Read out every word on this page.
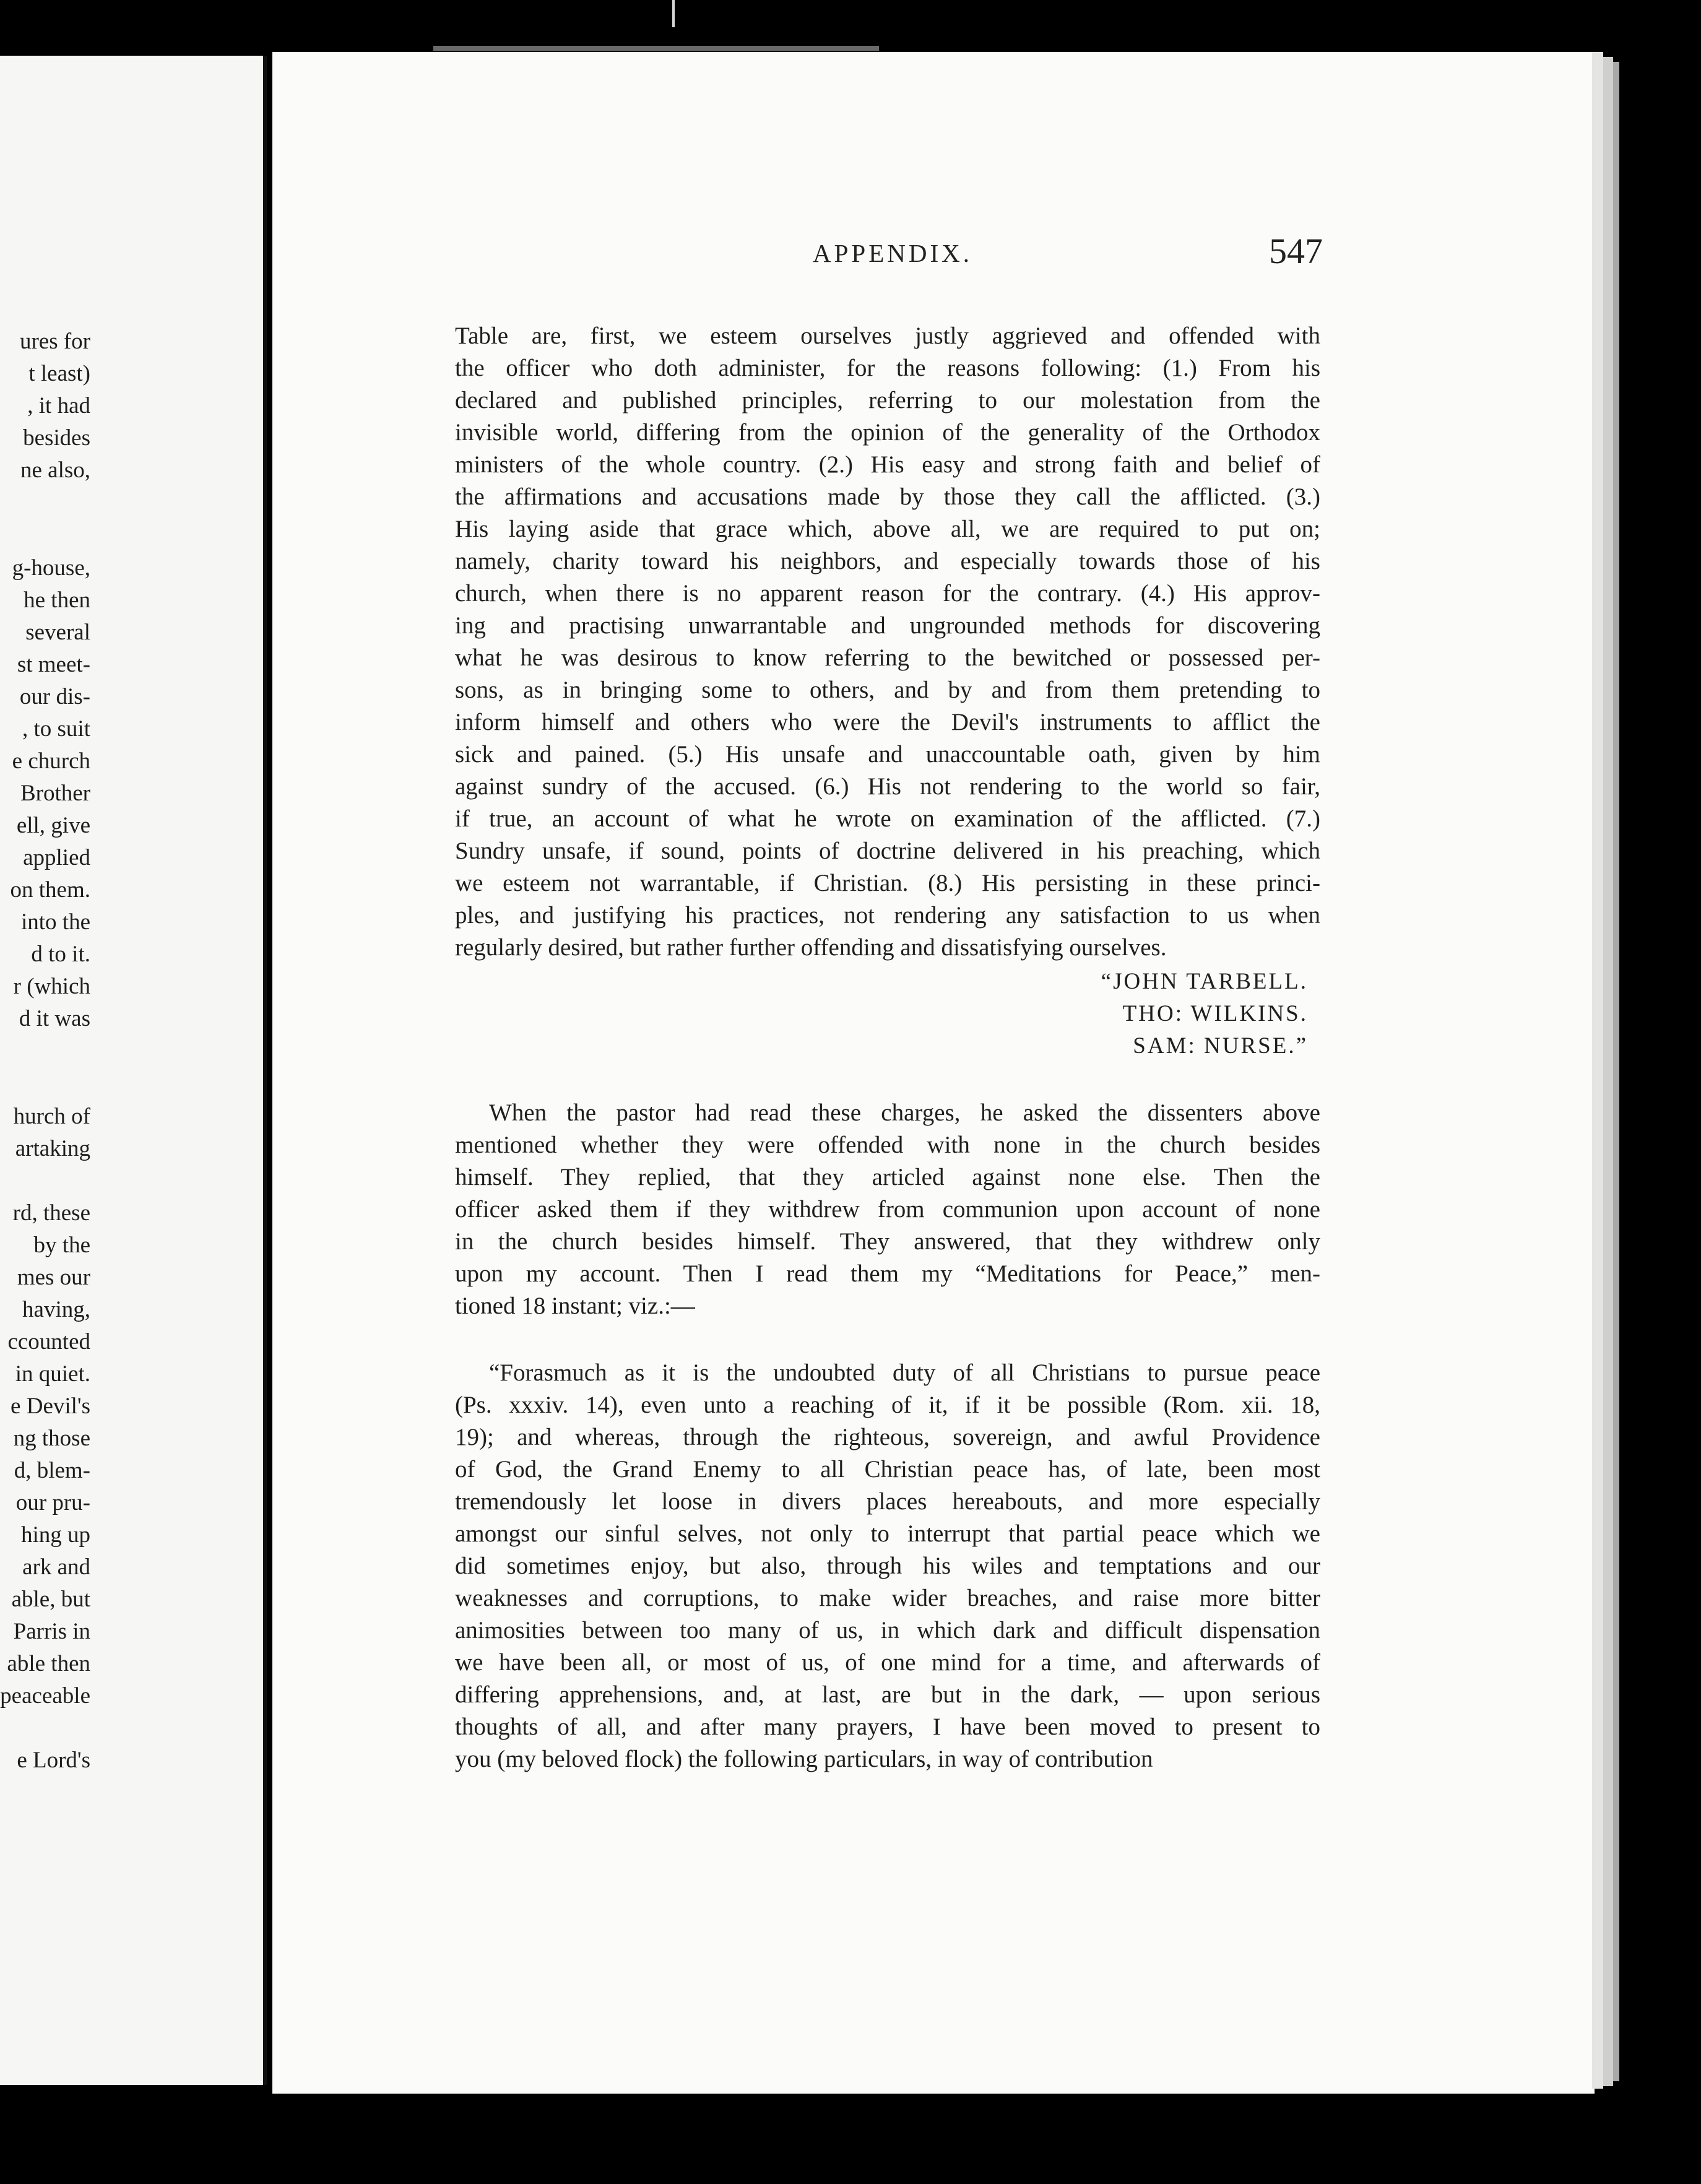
ures for
t least)
, it had
besides
ne also,
g-house,
he then
several
st meet-
our dis-
, to suit
e church
Brother
ell, give
applied
on them.
into the
d to it.
r (which
d it was
hurch of
artaking
rd, these
by the
mes our
having,
ccounted
in quiet.
e Devil's
ng those
d, blem-
our pru-
hing up
ark and
able, but
Parris in
able then
peaceable
e Lord's
APPENDIX.	547
Table are, first, we esteem ourselves justly aggrieved and offended with
the officer who doth administer, for the reasons following: (1.) From his
declared and published principles, referring to our molestation from the
invisible world, differing from the opinion of the generality of the Orthodox
ministers of the whole country. (2.) His easy and strong faith and belief of
the affirmations and accusations made by those they call the afflicted. (3.)
His laying aside that grace which, above all, we are required to put on;
namely, charity toward his neighbors, and especially towards those of his
church, when there is no apparent reason for the contrary. (4.) His approv-
ing and practising unwarrantable and ungrounded methods for discovering
what he was desirous to know referring to the bewitched or possessed per-
sons, as in bringing some to others, and by and from them pretending to
inform himself and others who were the Devil's instruments to afflict the
sick and pained. (5.) His unsafe and unaccountable oath, given by him
against sundry of the accused. (6.) His not rendering to the world so fair,
if true, an account of what he wrote on examination of the afflicted. (7.)
Sundry unsafe, if sound, points of doctrine delivered in his preaching, which
we esteem not warrantable, if Christian. (8.) His persisting in these princi-
ples, and justifying his practices, not rendering any satisfaction to us when
regularly desired, but rather further offending and dissatisfying ourselves.
“JOHN TARBELL.
THO: WILKINS.
SAM: NURSE.”
When the pastor had read these charges, he asked the dissenters above
mentioned whether they were offended with none in the church besides
himself. They replied, that they articled against none else. Then the
officer asked them if they withdrew from communion upon account of none
in the church besides himself. They answered, that they withdrew only
upon my account. Then I read them my “Meditations for Peace,” men-
tioned 18 instant; viz.:—
“Forasmuch as it is the undoubted duty of all Christians to pursue peace
(Ps. xxxiv. 14), even unto a reaching of it, if it be possible (Rom. xii. 18,
19); and whereas, through the righteous, sovereign, and awful Providence
of God, the Grand Enemy to all Christian peace has, of late, been most
tremendously let loose in divers places hereabouts, and more especially
amongst our sinful selves, not only to interrupt that partial peace which we
did sometimes enjoy, but also, through his wiles and temptations and our
weaknesses and corruptions, to make wider breaches, and raise more bitter
animosities between too many of us, in which dark and difficult dispensation
we have been all, or most of us, of one mind for a time, and afterwards of
differing apprehensions, and, at last, are but in the dark, — upon serious
thoughts of all, and after many prayers, I have been moved to present to
you (my beloved flock) the following particulars, in way of contribution
